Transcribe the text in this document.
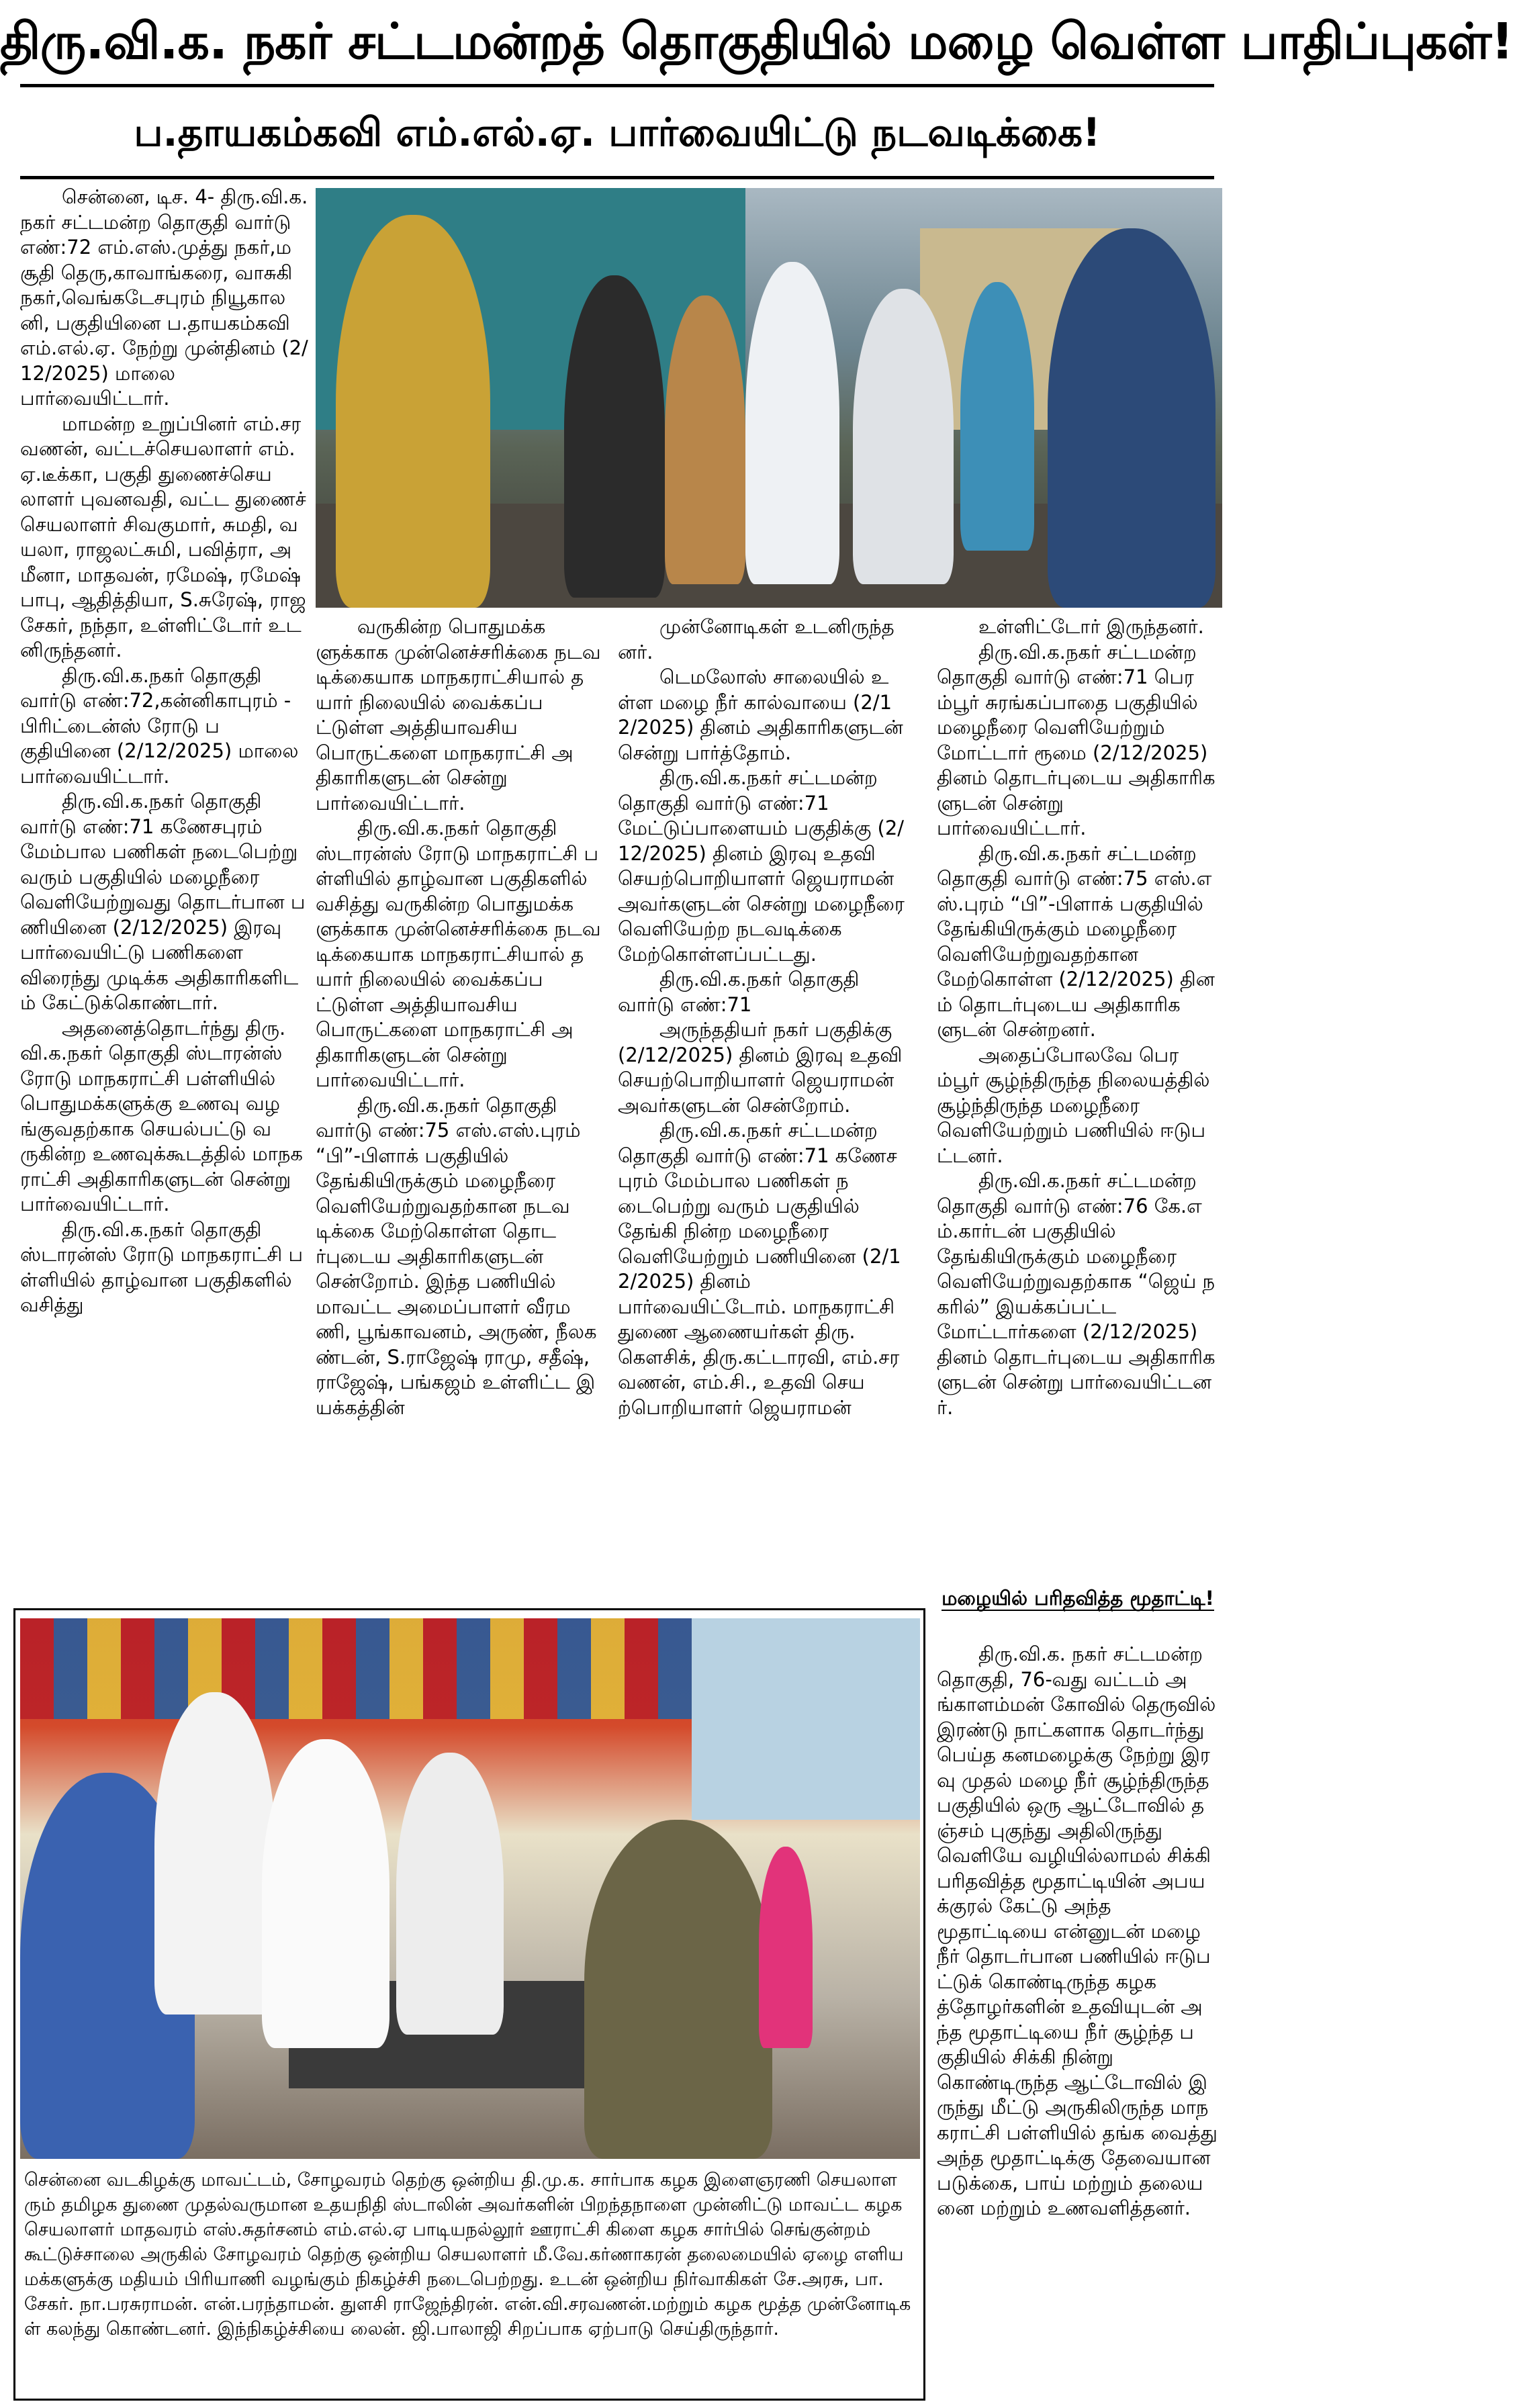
திரு.வி.க. நகர் சட்டமன்றத் தொகுதியில் மழை வெள்ள பாதிப்புகள்!
ப.தாயகம்கவி எம்.எல்.ஏ. பார்வையிட்டு நடவடிக்கை!

சென்னை, டிச. 4- திரு.வி.க.நகர் சட்டமன்ற தொகுதி வார்டு எண்:72 எம்.எஸ்.முத்து நகர்,மசூதி தெரு,காவாங்கரை, வாசுகி நகர்,வெங்கடேசபுரம் நியூகாலனி, பகுதியினை ப.தாயகம்கவி எம்.எல்.ஏ. நேற்று முன்தினம் (2/12/2025) மாலை பார்வையிட்டார்.

மாமன்ற உறுப்பினர் எம்.சரவணன், வட்டச்செயலாளர் எம்.ஏ.டீக்கா, பகுதி துணைச்செயலாளர் புவனவதி, வட்ட துணைச் செயலாளர் சிவகுமார், சுமதி, வயலா, ராஜலட்சுமி, பவித்ரா, அமீனா, மாதவன், ரமேஷ், ரமேஷ் பாபு, ஆதித்தியா, S.சுரேஷ், ராஜசேகர், நந்தா, உள்ளிட்டோர் உடனிருந்தனர்.

திரு.வி.க.நகர் தொகுதி வார்டு எண்:72,கன்னிகாபுரம் - பிரிட்டைன்ஸ் ரோடு பகுதியினை (2/12/2025) மாலை பார்வையிட்டார்.

திரு.வி.க.நகர் தொகுதி வார்டு எண்:71 கணேசபுரம் மேம்பால பணிகள் நடைபெற்று வரும் பகுதியில் மழைநீரை வெளியேற்றுவது தொடர்பான பணியினை (2/12/2025) இரவு பார்வையிட்டு பணிகளை விரைந்து முடிக்க அதிகாரிகளிடம் கேட்டுக்கொண்டார்.

அதனைத்தொடர்ந்து திரு.வி.க.நகர் தொகுதி ஸ்டாரன்ஸ் ரோடு மாநகராட்சி பள்ளியில் பொதுமக்களுக்கு உணவு வழங்குவதற்காக செயல்பட்டு வருகின்ற உணவுக்கூடத்தில் மாநகராட்சி அதிகாரிகளுடன் சென்று பார்வையிட்டார்.

திரு.வி.க.நகர் தொகுதி ஸ்டாரன்ஸ் ரோடு மாநகராட்சி பள்ளியில் தாழ்வான பகுதிகளில் வசித்து

வருகின்ற பொதுமக்களுக்காக முன்னெச்சரிக்கை நடவடிக்கையாக மாநகராட்சியால் தயார் நிலையில் வைக்கப்பட்டுள்ள அத்தியாவசிய பொருட்களை மாநகராட்சி அதிகாரிகளுடன் சென்று பார்வையிட்டார்.

திரு.வி.க.நகர் தொகுதி ஸ்டாரன்ஸ் ரோடு மாநகராட்சி பள்ளியில் தாழ்வான பகுதிகளில் வசித்து வருகின்ற பொதுமக்களுக்காக முன்னெச்சரிக்கை நடவடிக்கையாக மாநகராட்சியால் தயார் நிலையில் வைக்கப்பட்டுள்ள அத்தியாவசிய பொருட்களை மாநகராட்சி அதிகாரிகளுடன் சென்று பார்வையிட்டார்.

திரு.வி.க.நகர் தொகுதி வார்டு எண்:75 எஸ்.எஸ்.புரம் “பி”-பிளாக் பகுதியில் தேங்கியிருக்கும் மழைநீரை வெளியேற்றுவதற்கான நடவடிக்கை மேற்கொள்ள தொடர்புடைய அதிகாரிகளுடன் சென்றோம். இந்த பணியில் மாவட்ட அமைப்பாளர் வீரமணி, பூங்காவனம், அருண், நீலகண்டன், S.ராஜேஷ் ராமு, சதீஷ், ராஜேஷ், பங்கஜம் உள்ளிட்ட இயக்கத்தின்

முன்னோடிகள் உடனிருந்தனர்.

டெமலோஸ் சாலையில் உள்ள மழை நீர் கால்வாயை (2/12/2025) தினம் அதிகாரிகளுடன் சென்று பார்த்தோம்.

திரு.வி.க.நகர் சட்டமன்ற தொகுதி வார்டு எண்:71மேட்டுப்பாளையம் பகுதிக்கு (2/12/2025) தினம் இரவு உதவி செயற்பொறியாளர் ஜெயராமன் அவர்களுடன் சென்று மழைநீரை வெளியேற்ற நடவடிக்கை மேற்கொள்ளப்பட்டது.

திரு.வி.க.நகர் தொகுதி வார்டு எண்:71

அருந்ததியர் நகர் பகுதிக்கு (2/12/2025) தினம் இரவு உதவி செயற்பொறியாளர் ஜெயராமன் அவர்களுடன் சென்றோம்.

திரு.வி.க.நகர் சட்டமன்ற தொகுதி வார்டு எண்:71 கணேசபுரம் மேம்பால பணிகள் நடைபெற்று வரும் பகுதியில் தேங்கி நின்ற மழைநீரை வெளியேற்றும் பணியினை (2/12/2025) தினம் பார்வையிட்டோம். மாநகராட்சி துணை ஆணையர்கள் திரு.கௌசிக், திரு.கட்டாரவி, எம்.சரவணன், எம்.சி., உதவி செயற்பொறியாளர் ஜெயராமன்

உள்ளிட்டோர் இருந்தனர்.

திரு.வி.க.நகர் சட்டமன்ற தொகுதி வார்டு எண்:71 பெரம்பூர் சுரங்கப்பாதை பகுதியில் மழைநீரை வெளியேற்றும் மோட்டார் ரூமை (2/12/2025) தினம் தொடர்புடைய அதிகாரிகளுடன் சென்று பார்வையிட்டார்.

திரு.வி.க.நகர் சட்டமன்ற தொகுதி வார்டு எண்:75 எஸ்.எஸ்.புரம் “பி”-பிளாக் பகுதியில் தேங்கியிருக்கும் மழைநீரை வெளியேற்றுவதற்கான மேற்கொள்ள (2/12/2025) தினம் தொடர்புடைய அதிகாரிகளுடன் சென்றனர்.

அதைப்போலவே பெரம்பூர் சூழ்ந்திருந்த நிலையத்தில் சூழ்ந்திருந்த மழைநீரை வெளியேற்றும் பணியில் ஈடுபட்டனர்.

திரு.வி.க.நகர் சட்டமன்ற தொகுதி வார்டு எண்:76 கே.எம்.கார்டன் பகுதியில் தேங்கியிருக்கும் மழைநீரை வெளியேற்றுவதற்காக “ஜெய் நகரில்” இயக்கப்பட்ட மோட்டார்களை (2/12/2025) தினம் தொடர்புடைய அதிகாரிகளுடன் சென்று பார்வையிட்டனர்.

மழையில் பரிதவித்த மூதாட்டி!

திரு.வி.க. நகர் சட்டமன்ற தொகுதி, 76-வது வட்டம் அங்காளம்மன் கோவில் தெருவில் இரண்டு நாட்களாக தொடர்ந்து பெய்த கனமழைக்கு நேற்று இரவு முதல் மழை நீர் சூழ்ந்திருந்த பகுதியில் ஒரு ஆட்டோவில் தஞ்சம் புகுந்து அதிலிருந்து வெளியே வழியில்லாமல் சிக்கி பரிதவித்த மூதாட்டியின் அபயக்குரல் கேட்டு அந்த மூதாட்டியை என்னுடன் மழை நீர் தொடர்பான பணியில் ஈடுபட்டுக் கொண்டிருந்த கழகத்தோழர்களின் உதவியுடன் அந்த மூதாட்டியை நீர் சூழ்ந்த பகுதியில் சிக்கி நின்று கொண்டிருந்த ஆட்டோவில் இருந்து மீட்டு அருகிலிருந்த மாநகராட்சி பள்ளியில் தங்க வைத்து அந்த மூதாட்டிக்கு தேவையான படுக்கை, பாய் மற்றும் தலையனை மற்றும் உணவளித்தனர்.

சென்னை வடகிழக்கு மாவட்டம், சோழவரம் தெற்கு ஒன்றிய தி.மு.க. சார்பாக கழக இளைஞரணி செயலாளரும் தமிழக துணை முதல்வருமான உதயநிதி ஸ்டாலின் அவர்களின் பிறந்தநாளை முன்னிட்டு மாவட்ட கழக செயலாளர் மாதவரம் எஸ்.சுதர்சனம் எம்.எல்.ஏ பாடியநல்லூர் ஊராட்சி கிளை கழக சார்பில் செங்குன்றம் கூட்டுச்சாலை அருகில் சோழவரம் தெற்கு ஒன்றிய செயலாளர் மீ.வே.கர்ணாகரன் தலைமையில் ஏழை எளிய மக்களுக்கு மதியம் பிரியாணி வழங்கும் நிகழ்ச்சி நடைபெற்றது. உடன் ஒன்றிய நிர்வாகிகள் சே.அரசு, பா.சேகர். நா.பரசுராமன். என்.பரந்தாமன். துளசி ராஜேந்திரன். என்.வி.சரவணன்.மற்றும் கழக மூத்த முன்னோடிகள் கலந்து கொண்டனர். இந்நிகழ்ச்சியை லைன். ஜி.பாலாஜி சிறப்பாக ஏற்பாடு செய்திருந்தார்.
